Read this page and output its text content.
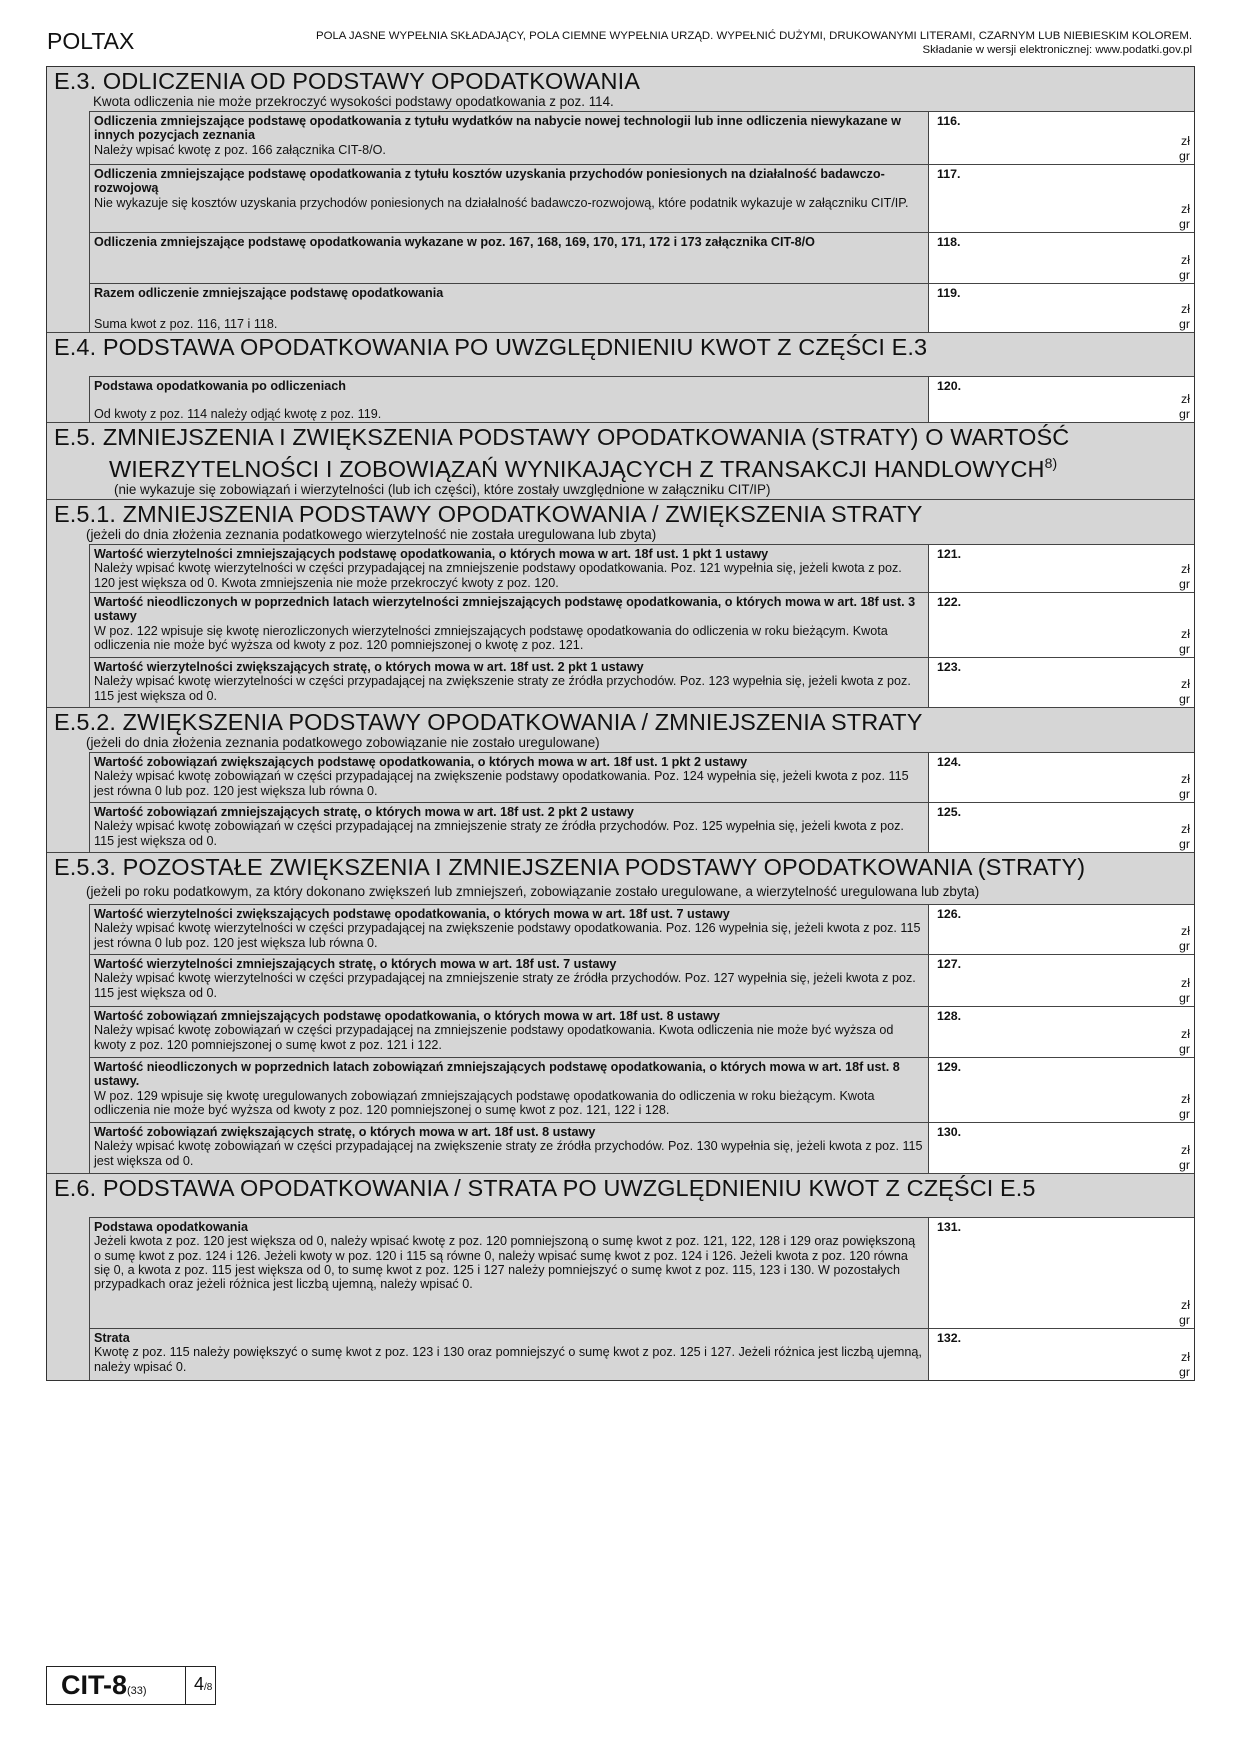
POLTAX	POLA JASNE WYPEŁNIA SKŁADAJĄCY, POLA CIEMNE WYPEŁNIA URZĄD. WYPEŁNIĆ DUŻYMI, DRUKOWANYMI LITERAMI, CZARNYM LUB NIEBIESKIM KOLOREM.
Składanie w wersji elektronicznej: www.podatki.gov.pl
E.3. ODLICZENIA OD PODSTAWY OPODATKOWANIA
Kwota odliczenia nie może przekroczyć wysokości podstawy opodatkowania z poz. 114.
Odliczenia zmniejszające podstawę opodatkowania z tytułu wydatków na nabycie nowej technologii lub inne odliczenia niewykazane w innych pozycjach zeznania
Należy wpisać kwotę z poz. 166 załącznika CIT-8/O.
116.
zł
gr
Odliczenia zmniejszające podstawę opodatkowania z tytułu kosztów uzyskania przychodów poniesionych na działalność badawczo-rozwojową
Nie wykazuje się kosztów uzyskania przychodów poniesionych na działalność badawczo-rozwojową, które podatnik wykazuje w załączniku CIT/IP.
117.
zł
gr
Odliczenia zmniejszające podstawę opodatkowania wykazane w poz. 167, 168, 169, 170, 171, 172 i 173 załącznika CIT-8/O	118.
zł
gr
Razem odliczenie zmniejszające podstawę opodatkowania
Suma kwot z poz. 116, 117 i 118.
119.
zł
gr
E.4. PODSTAWA OPODATKOWANIA PO UWZGLĘDNIENIU KWOT Z CZĘŚCI E.3
Podstawa opodatkowania po odliczeniach
Od kwoty z poz. 114 należy odjąć kwotę z poz. 119.
120.
zł
gr
E.5. ZMNIEJSZENIA I ZWIĘKSZENIA PODSTAWY OPODATKOWANIA (STRATY) O WARTOŚĆ
WIERZYTELNOŚCI I ZOBOWIĄZAŃ WYNIKAJĄCYCH Z TRANSAKCJI HANDLOWYCH$^{8)}$
(nie wykazuje się zobowiązań i wierzytelności (lub ich części), które zostały uwzględnione w załączniku CIT/IP)
E.5.1. ZMNIEJSZENIA PODSTAWY OPODATKOWANIA / ZWIĘKSZENIA STRATY
(jeżeli do dnia złożenia zeznania podatkowego wierzytelność nie została uregulowana lub zbyta)
Wartość wierzytelności zmniejszających podstawę opodatkowania, o których mowa w art. 18f ust. 1 pkt 1 ustawy
Należy wpisać kwotę wierzytelności w części przypadającej na zmniejszenie podstawy opodatkowania. Poz. 121 wypełnia się, jeżeli kwota z poz. 120 jest większa od 0. Kwota zmniejszenia nie może przekroczyć kwoty z poz. 120.
121.
zł
gr
Wartość nieodliczonych w poprzednich latach wierzytelności zmniejszających podstawę opodatkowania, o których mowa w art. 18f ust. 3 ustawy
W poz. 122 wpisuje się kwotę nierozliczonych wierzytelności zmniejszających podstawę opodatkowania do odliczenia w roku bieżącym. Kwota odliczenia nie może być wyższa od kwoty z poz. 120 pomniejszonej o kwotę z poz. 121.
122.
zł
gr
Wartość wierzytelności zwiększających stratę, o których mowa w art. 18f ust. 2 pkt 1 ustawy
Należy wpisać kwotę wierzytelności w części przypadającej na zwiększenie straty ze źródła przychodów. Poz. 123 wypełnia się, jeżeli kwota z poz. 115 jest większa od 0.
123.
zł
gr
E.5.2. ZWIĘKSZENIA PODSTAWY OPODATKOWANIA / ZMNIEJSZENIA STRATY
(jeżeli do dnia złożenia zeznania podatkowego zobowiązanie nie zostało uregulowane)
Wartość zobowiązań zwiększających podstawę opodatkowania, o których mowa w art. 18f ust. 1 pkt 2 ustawy
Należy wpisać kwotę zobowiązań w części przypadającej na zwiększenie podstawy opodatkowania. Poz. 124 wypełnia się, jeżeli kwota z poz. 115 jest równa 0 lub poz. 120 jest większa lub równa 0.
124.
zł
gr
Wartość zobowiązań zmniejszających stratę, o których mowa w art. 18f ust. 2 pkt 2 ustawy
Należy wpisać kwotę zobowiązań w części przypadającej na zmniejszenie straty ze źródła przychodów. Poz. 125 wypełnia się, jeżeli kwota z poz. 115 jest większa od 0.
125.
zł
gr
E.5.3. POZOSTAŁE ZWIĘKSZENIA I ZMNIEJSZENIA PODSTAWY OPODATKOWANIA (STRATY)
(jeżeli po roku podatkowym, za który dokonano zwiększeń lub zmniejszeń, zobowiązanie zostało uregulowane, a wierzytelność uregulowana lub zbyta)
Wartość wierzytelności zwiększających podstawę opodatkowania, o których mowa w art. 18f ust. 7 ustawy
Należy wpisać kwotę wierzytelności w części przypadającej na zwiększenie podstawy opodatkowania. Poz. 126 wypełnia się, jeżeli kwota z poz. 115 jest równa 0 lub poz. 120 jest większa lub równa 0.
126.
zł
gr
Wartość wierzytelności zmniejszających stratę, o których mowa w art. 18f ust. 7 ustawy
Należy wpisać kwotę wierzytelności w części przypadającej na zmniejszenie straty ze źródła przychodów. Poz. 127 wypełnia się, jeżeli kwota z poz. 115 jest większa od 0.
127.
zł
gr
Wartość zobowiązań zmniejszających podstawę opodatkowania, o których mowa w art. 18f ust. 8 ustawy
Należy wpisać kwotę zobowiązań w części przypadającej na zmniejszenie podstawy opodatkowania. Kwota odliczenia nie może być wyższa od kwoty z poz. 120 pomniejszonej o sumę kwot z poz. 121 i 122.
128.
zł
gr
Wartość nieodliczonych w poprzednich latach zobowiązań zmniejszających podstawę opodatkowania, o których mowa w art. 18f ust. 8 ustawy.
W poz. 129 wpisuje się kwotę uregulowanych zobowiązań zmniejszających podstawę opodatkowania do odliczenia w roku bieżącym. Kwota odliczenia nie może być wyższa od kwoty z poz. 120 pomniejszonej o sumę kwot z poz. 121, 122 i 128.
129.
zł
gr
Wartość zobowiązań zwiększających stratę, o których mowa w art. 18f ust. 8 ustawy
Należy wpisać kwotę zobowiązań w części przypadającej na zwiększenie straty ze źródła przychodów. Poz. 130 wypełnia się, jeżeli kwota z poz. 115 jest większa od 0.
130.
zł
gr
E.6. PODSTAWA OPODATKOWANIA / STRATA PO UWZGLĘDNIENIU KWOT Z CZĘŚCI E.5
Podstawa opodatkowania
Jeżeli kwota z poz. 120 jest większa od 0, należy wpisać kwotę z poz. 120 pomniejszoną o sumę kwot z poz. 121, 122, 128 i 129 oraz powiększoną o sumę kwot z poz. 124 i 126. Jeżeli kwoty w poz. 120 i 115 są równe 0, należy wpisać sumę kwot z poz. 124 i 126. Jeżeli kwota z poz. 120 równa się 0, a kwota z poz. 115 jest większa od 0, to sumę kwot z poz. 125 i 127 należy pomniejszyć o sumę kwot z poz. 115, 123 i 130. W pozostałych przypadkach oraz jeżeli różnica jest liczbą ujemną, należy wpisać 0.
131.
zł
gr
Strata
Kwotę z poz. 115 należy powiększyć o sumę kwot z poz. 123 i 130 oraz pomniejszyć o sumę kwot z poz. 125 i 127. Jeżeli różnica jest liczbą ujemną, należy wpisać 0.
132.
zł
gr
CIT-8(33)	4/8
